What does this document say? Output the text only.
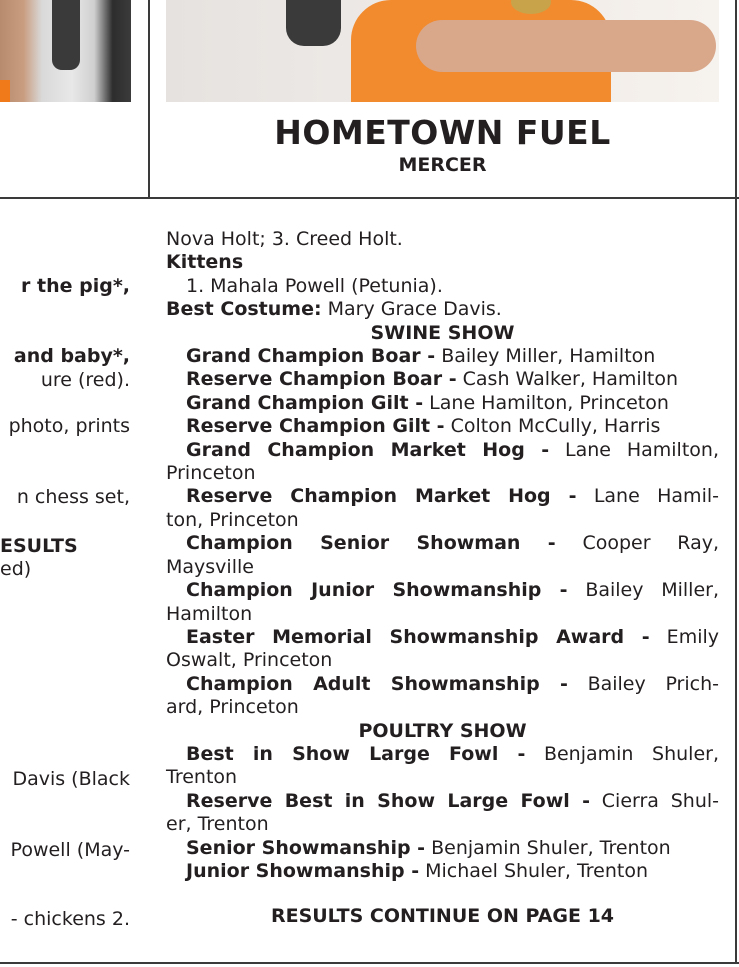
HOMETOWN FUEL
MERCER
r the pig*,
and baby*,
ure (red).
photo, prints
n chess set,
ESULTS
ed)
Davis (Black
Powell (May-
- chickens 2.

Nova Holt; 3. Creed Holt.

Kittens

1. Mahala Powell (Petunia).

Best Costume: Mary Grace Davis.

SWINE SHOW

Grand Champion Boar - Bailey Miller, Hamilton

Reserve Champion Boar - Cash Walker, Hamilton

Grand Champion Gilt - Lane Hamilton, Princeton

Reserve Champion Gilt - Colton McCully, Harris

Grand Champion Market Hog - Lane Hamilton,

Princeton

Reserve Champion Market Hog - Lane Hamil-

ton, Princeton

Champion Senior Showman - Cooper Ray,

Maysville

Champion Junior Showmanship - Bailey Miller,

Hamilton

Easter Memorial Showmanship Award - Emily

Oswalt, Princeton

Champion Adult Showmanship - Bailey Prich-

ard, Princeton

POULTRY SHOW

Best in Show Large Fowl - Benjamin Shuler,

Trenton

Reserve Best in Show Large Fowl - Cierra Shul-

er, Trenton

Senior Showmanship - Benjamin Shuler, Trenton

Junior Showmanship - Michael Shuler, Trenton

RESULTS CONTINUE ON PAGE 14
